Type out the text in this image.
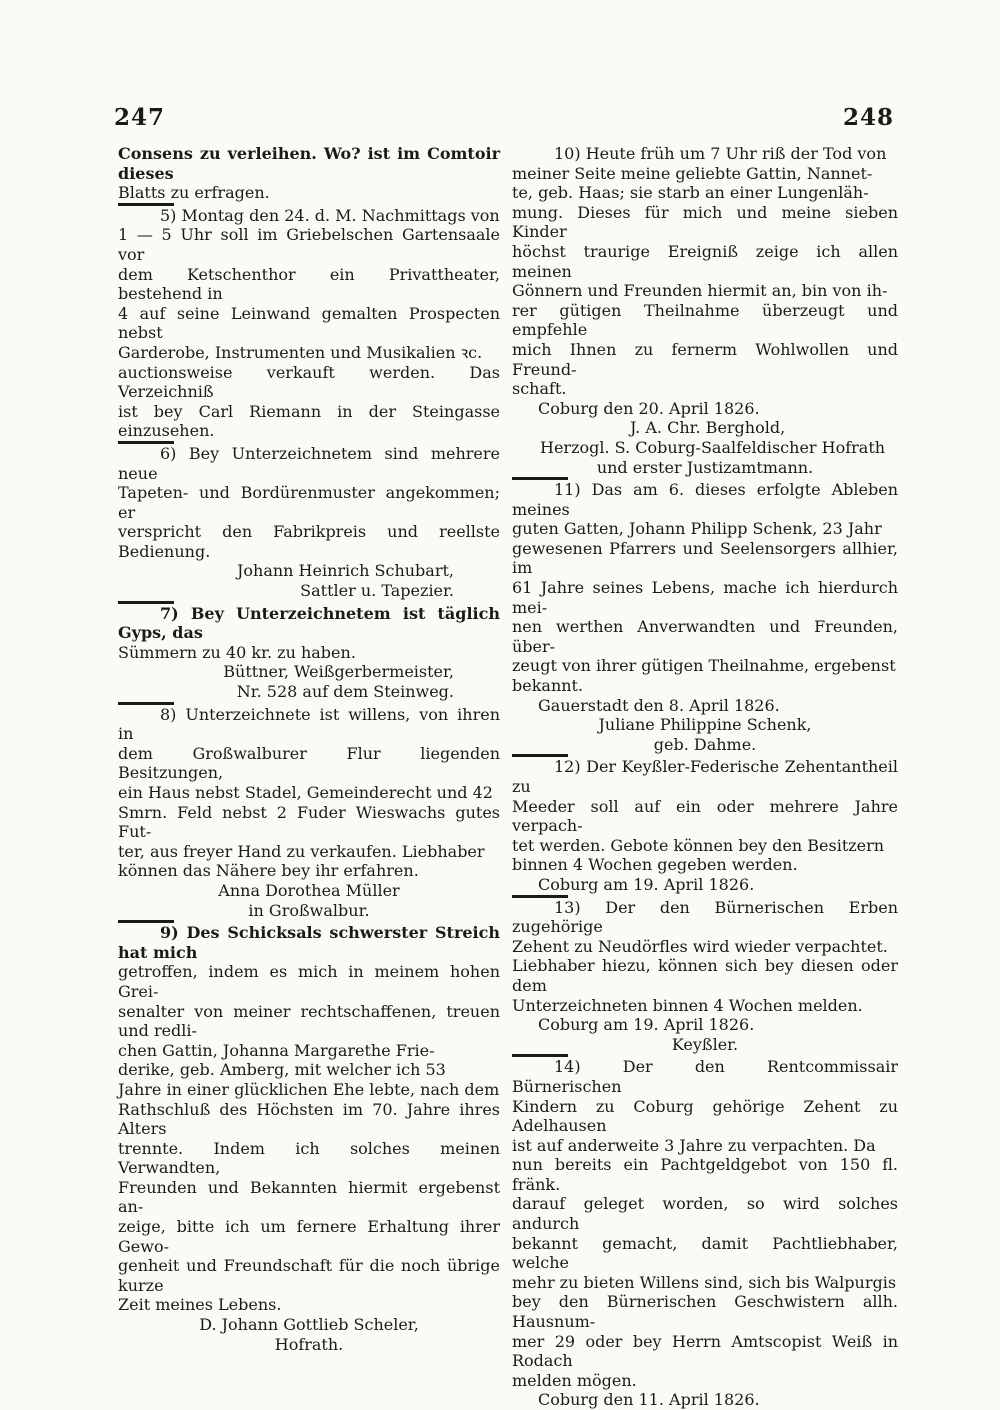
247	248
Consens zu verleihen. Wo? ist im Comtoir dieses
Blatts zu erfragen.
5) Montag den 24. d. M. Nachmittags von
1 — 5 Uhr soll im Griebelschen Gartensaale vor
dem Ketschenthor ein Privattheater, bestehend in
4 auf seine Leinwand gemalten Prospecten nebst
Garderobe, Instrumenten und Musikalien ꝛc.
auctionsweise verkauft werden. Das Verzeichniß
ist bey Carl Riemann in der Steingasse einzusehen.
6) Bey Unterzeichnetem sind mehrere neue
Tapeten- und Bordürenmuster angekommen; er
verspricht den Fabrikpreis und reellste Bedienung.
Johann Heinrich Schubart,
Sattler u. Tapezier.
7) Bey Unterzeichnetem ist täglich Gyps, das
Sümmern zu 40 kr. zu haben.
Büttner, Weißgerbermeister,
Nr. 528 auf dem Steinweg.
8) Unterzeichnete ist willens, von ihren in
dem Großwalburer Flur liegenden Besitzungen,
ein Haus nebst Stadel, Gemeinderecht und 42
Smrn. Feld nebst 2 Fuder Wieswachs gutes Fut-
ter, aus freyer Hand zu verkaufen. Liebhaber
können das Nähere bey ihr erfahren.
Anna Dorothea Müller
in Großwalbur.
9) Des Schicksals schwerster Streich hat mich
getroffen, indem es mich in meinem hohen Grei-
senalter von meiner rechtschaffenen, treuen und redli-
chen Gattin, Johanna Margarethe Frie-
derike, geb. Amberg, mit welcher ich 53
Jahre in einer glücklichen Ehe lebte, nach dem
Rathschluß des Höchsten im 70. Jahre ihres Alters
trennte. Indem ich solches meinen Verwandten,
Freunden und Bekannten hiermit ergebenst an-
zeige, bitte ich um fernere Erhaltung ihrer Gewo-
genheit und Freundschaft für die noch übrige kurze
Zeit meines Lebens.
D. Johann Gottlieb Scheler,
Hofrath.
10) Heute früh um 7 Uhr riß der Tod von
meiner Seite meine geliebte Gattin, Nannet-
te, geb. Haas; sie starb an einer Lungenläh-
mung. Dieses für mich und meine sieben Kinder
höchst traurige Ereigniß zeige ich allen meinen
Gönnern und Freunden hiermit an, bin von ih-
rer gütigen Theilnahme überzeugt und empfehle
mich Ihnen zu fernerm Wohlwollen und Freund-
schaft.
Coburg den 20. April 1826.
J. A. Chr. Berghold,
Herzogl. S. Coburg-Saalfeldischer Hofrath
und erster Justizamtmann.
11) Das am 6. dieses erfolgte Ableben meines
guten Gatten, Johann Philipp Schenk, 23 Jahr
gewesenen Pfarrers und Seelensorgers allhier, im
61 Jahre seines Lebens, mache ich hierdurch mei-
nen werthen Anverwandten und Freunden, über-
zeugt von ihrer gütigen Theilnahme, ergebenst
bekannt.
Gauerstadt den 8. April 1826.
Juliane Philippine Schenk,
geb. Dahme.
12) Der Keyßler-Federische Zehentantheil zu
Meeder soll auf ein oder mehrere Jahre verpach-
tet werden. Gebote können bey den Besitzern
binnen 4 Wochen gegeben werden.
Coburg am 19. April 1826.
13) Der den Bürnerischen Erben zugehörige
Zehent zu Neudörfles wird wieder verpachtet.
Liebhaber hiezu, können sich bey diesen oder dem
Unterzeichneten binnen 4 Wochen melden.
Coburg am 19. April 1826.
Keyßler.
14) Der den Rentcommissair Bürnerischen
Kindern zu Coburg gehörige Zehent zu Adelhausen
ist auf anderweite 3 Jahre zu verpachten. Da
nun bereits ein Pachtgeldgebot von 150 fl. fränk.
darauf geleget worden, so wird solches andurch
bekannt gemacht, damit Pachtliebhaber, welche
mehr zu bieten Willens sind, sich bis Walpurgis
bey den Bürnerischen Geschwistern allh. Hausnum-
mer 29 oder bey Herrn Amtscopist Weiß in Rodach
melden mögen.
Coburg den 11. April 1826.
